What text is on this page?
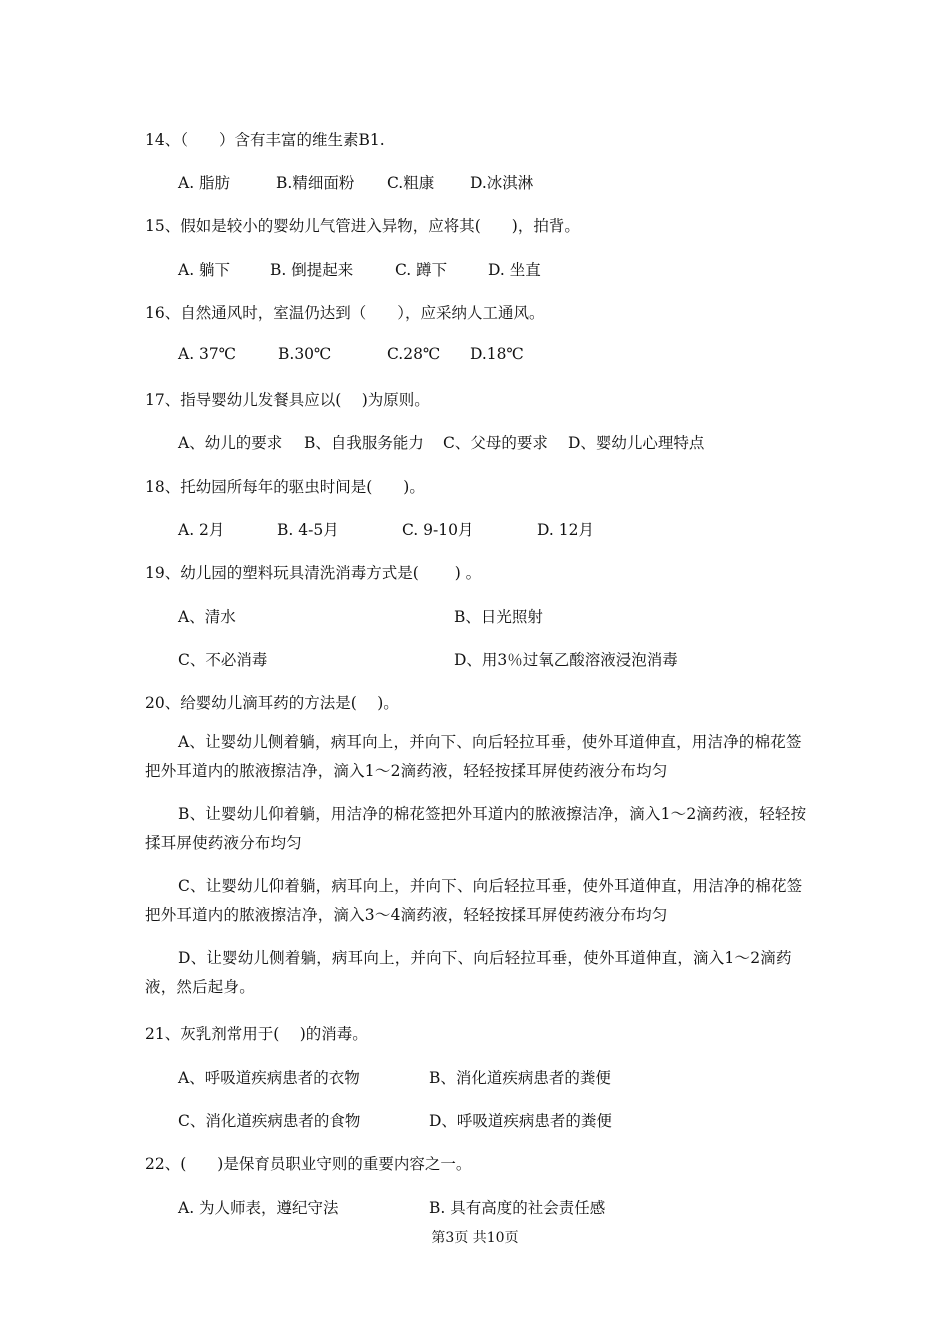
14、（　　）含有丰富的维生素B1.
A. 脂肪	B.精细面粉 C.粗康 D.冰淇淋
15、假如是较小的婴幼儿气管进入异物，应将其(　　)，拍背。
A. 躺下	B. 倒提起来	C. 蹲下	D. 坐直
16、自然通风时，室温仍达到（　　），应采纳人工通风。
A. 37℃	B.30℃	C.28℃ D.18℃
17、指导婴幼儿发餐具应以(　 )为原则。
A、幼儿的要求 B、自我服务能力 C、父母的要求 D、婴幼儿心理特点
18、托幼园所每年的驱虫时间是(　　)。
A. 2月	B. 4-5月	C. 9-10月	D. 12月
19、幼儿园的塑料玩具清洗消毒方式是(　　 ) 。
A、清水	B、日光照射
C、不必消毒	D、用3％过氧乙酸溶液浸泡消毒
20、给婴幼儿滴耳药的方法是(　 )。
A、让婴幼儿侧着躺，病耳向上，并向下、向后轻拉耳垂，使外耳道伸直，用洁净的棉花签把外耳道内的脓液擦洁净，滴入1～2滴药液，轻轻按揉耳屏使药液分布均匀
B、让婴幼儿仰着躺，用洁净的棉花签把外耳道内的脓液擦洁净，滴入1～2滴药液，轻轻按揉耳屏使药液分布均匀
C、让婴幼儿仰着躺，病耳向上，并向下、向后轻拉耳垂，使外耳道伸直，用洁净的棉花签把外耳道内的脓液擦洁净，滴入3～4滴药液，轻轻按揉耳屏使药液分布均匀
D、让婴幼儿侧着躺，病耳向上，并向下、向后轻拉耳垂，使外耳道伸直，滴入1～2滴药液，然后起身。
21、灰乳剂常用于(　 )的消毒。
A、呼吸道疾病患者的衣物	B、消化道疾病患者的粪便
C、消化道疾病患者的食物	D、呼吸道疾病患者的粪便
22、(　　)是保育员职业守则的重要内容之一。
A. 为人师表，遵纪守法	B. 具有高度的社会责任感
第3页 共10页
